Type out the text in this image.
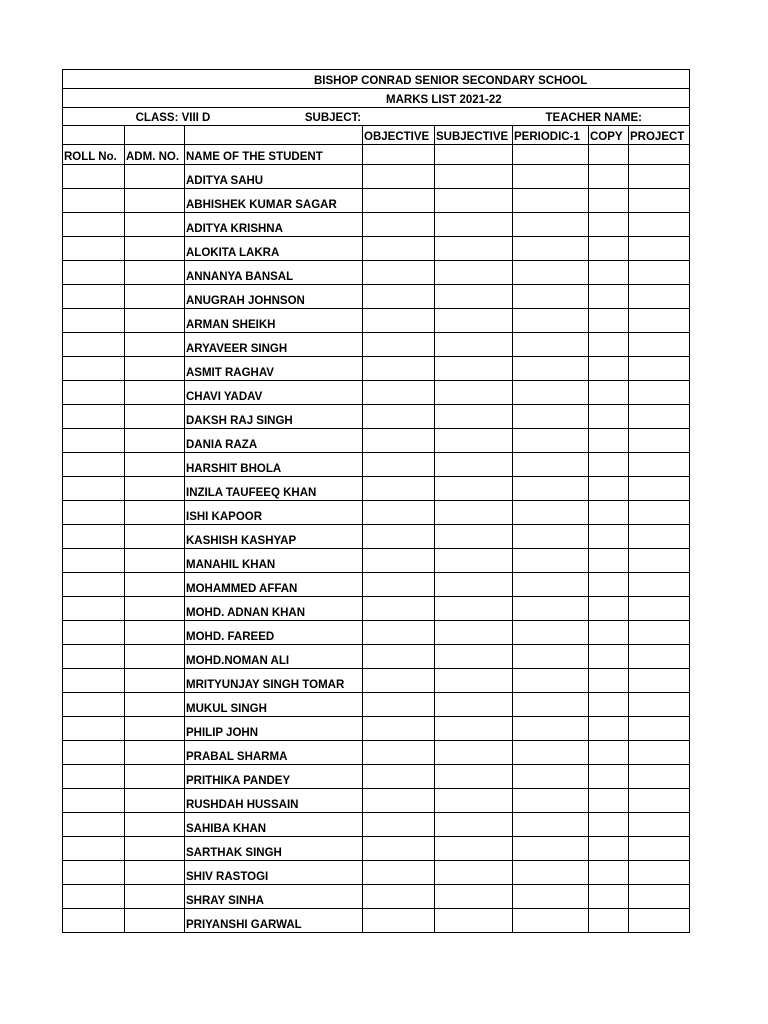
BISHOP CONRAD SENIOR SECONDARY SCHOOL							

MARKS LIST 2021-22							

CLASS: VIII D SUBJECT: TEACHER NAME:							

			OBJECTIVE	SUBJECTIVE	PERIODIC-1	COPY	PROJECT
ROLL No.	ADM. NO.	NAME OF THE STUDENT					
		ADITYA SAHU					
		ABHISHEK KUMAR SAGAR					
		ADITYA KRISHNA					
		ALOKITA LAKRA					
		ANNANYA BANSAL					
		ANUGRAH JOHNSON					
		ARMAN SHEIKH					
		ARYAVEER SINGH					
		ASMIT RAGHAV					
		CHAVI YADAV					
		DAKSH RAJ SINGH					
		DANIA RAZA					
		HARSHIT BHOLA					
		INZILA TAUFEEQ KHAN					
		ISHI KAPOOR					
		KASHISH KASHYAP					
		MANAHIL KHAN					
		MOHAMMED AFFAN					
		MOHD. ADNAN KHAN					
		MOHD. FAREED					
		MOHD.NOMAN ALI					
		MRITYUNJAY SINGH TOMAR					
		MUKUL SINGH					
		PHILIP JOHN					
		PRABAL SHARMA					
		PRITHIKA PANDEY					
		RUSHDAH HUSSAIN					
		SAHIBA KHAN					
		SARTHAK SINGH					
		SHIV RASTOGI					
		SHRAY SINHA					
		PRIYANSHI GARWAL					
